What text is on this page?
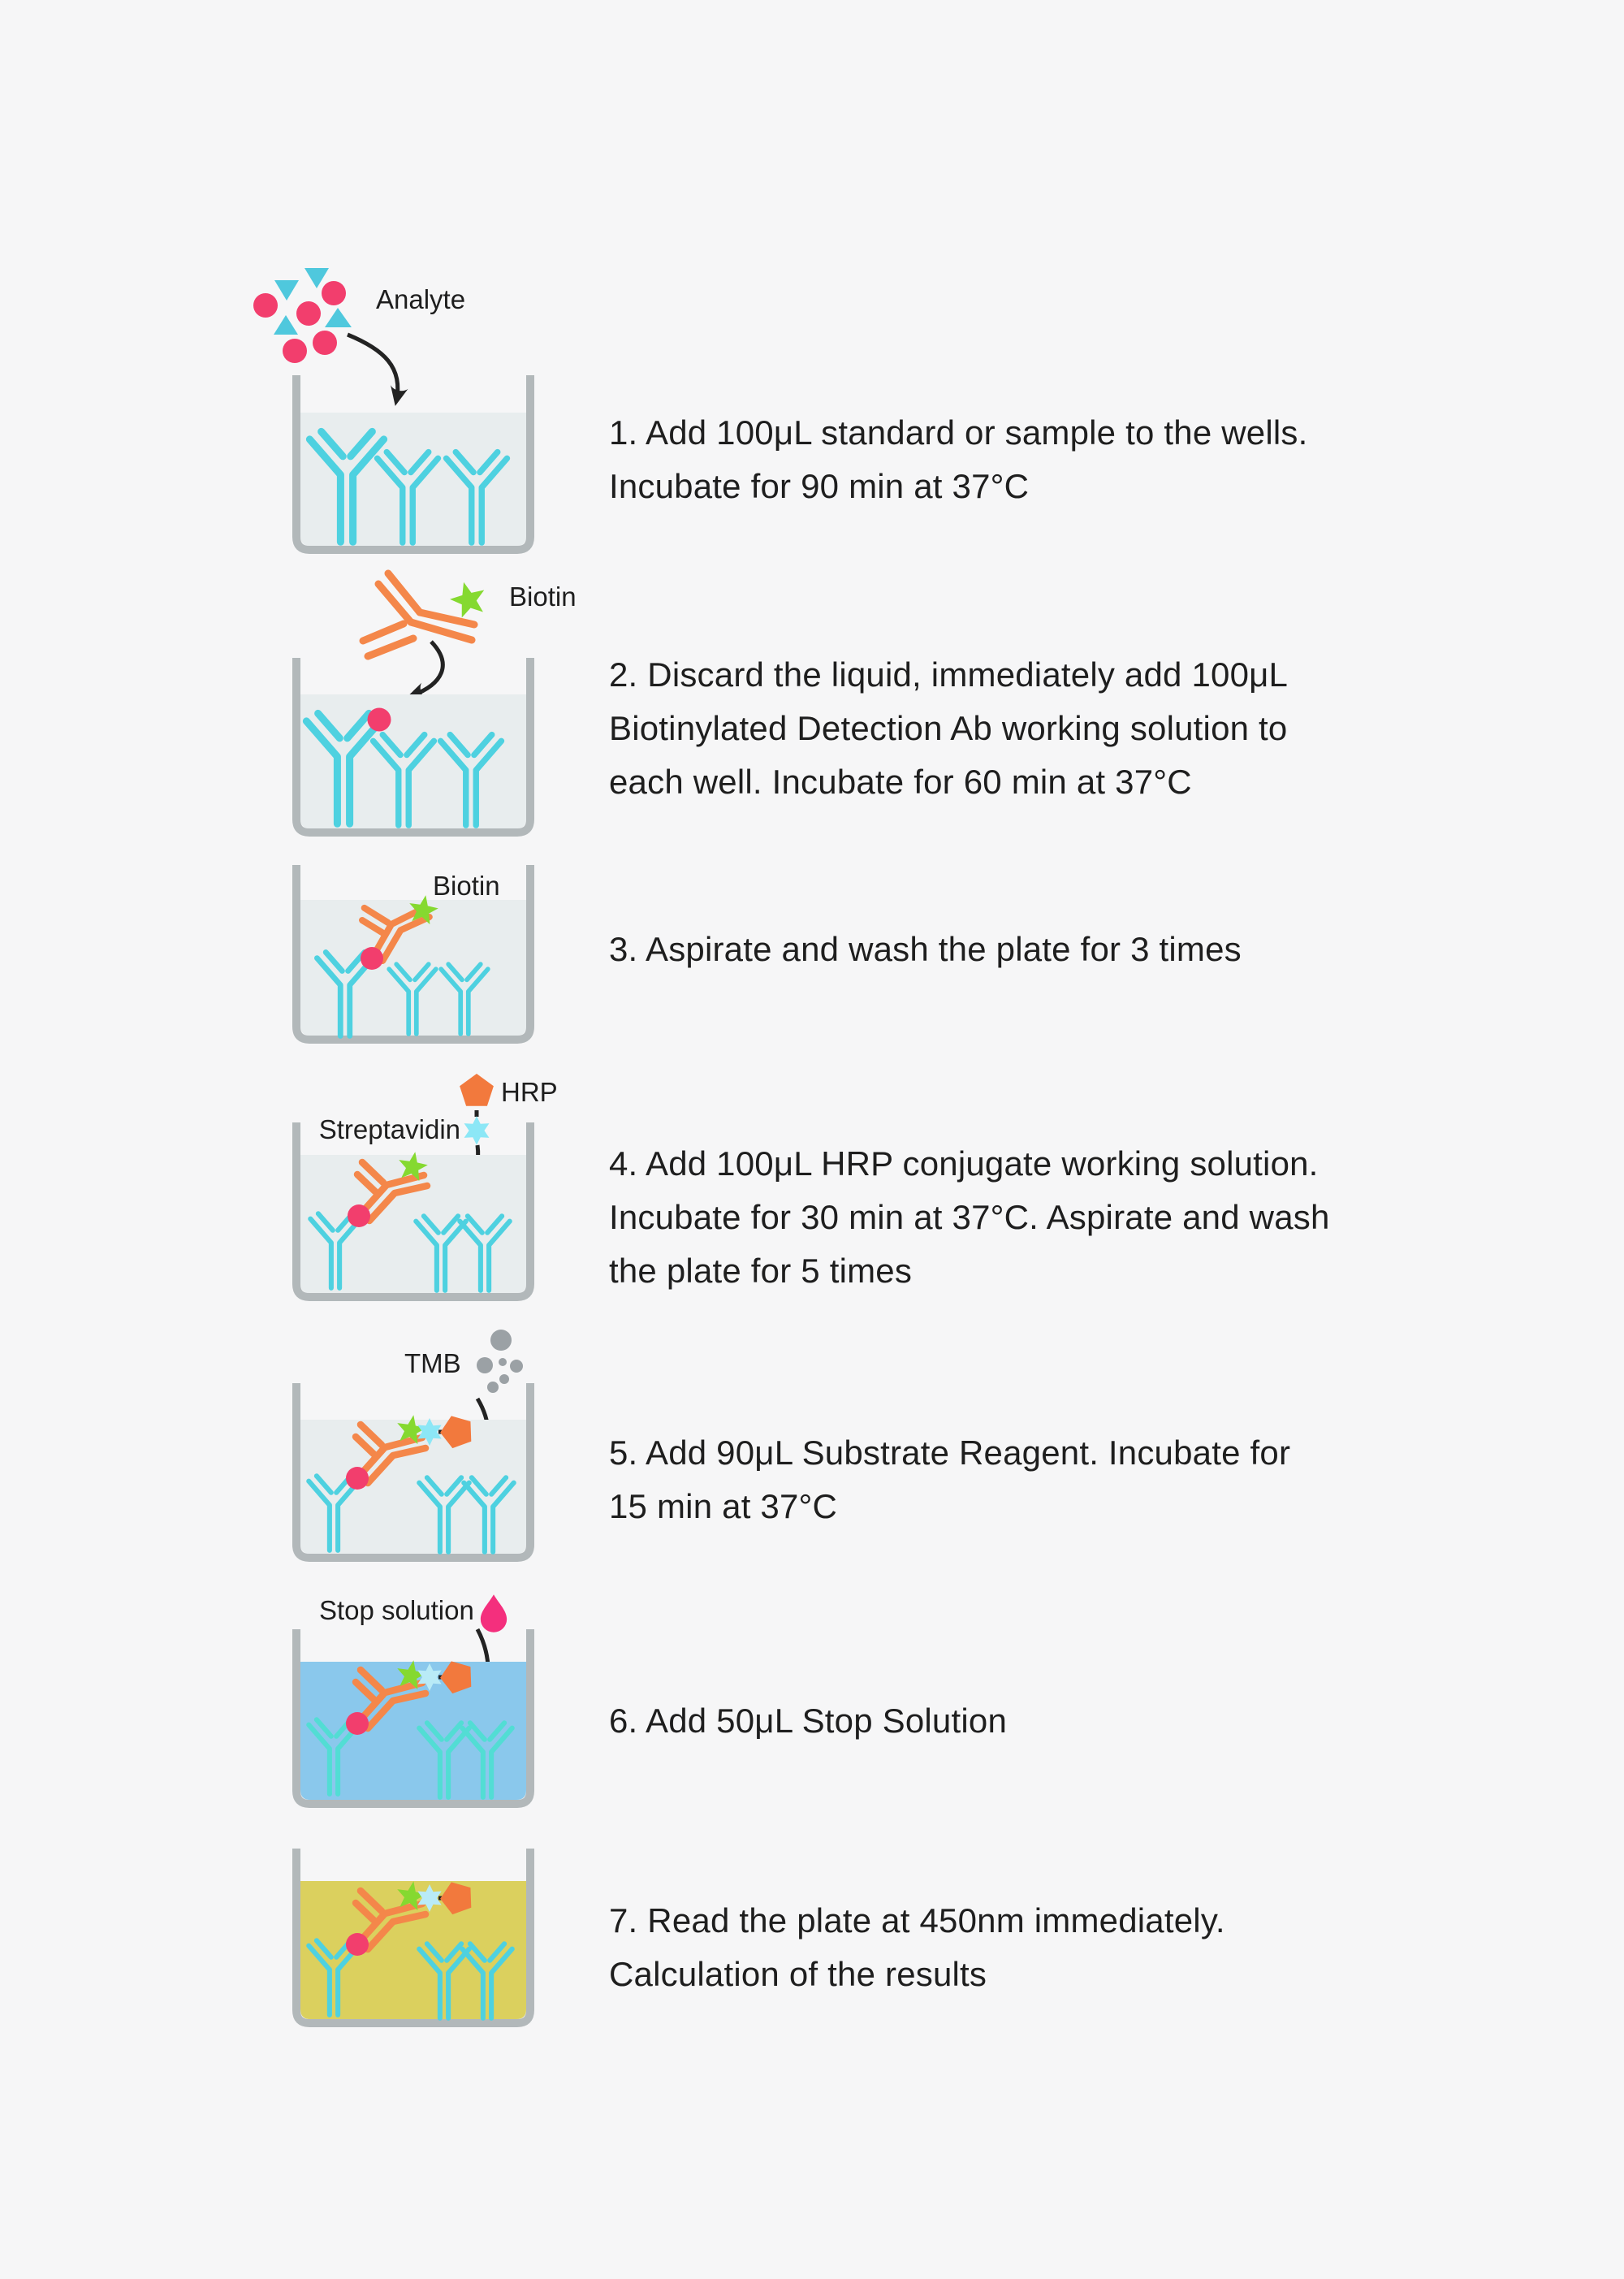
Analyte
Biotin
Biotin
Streptavidin
HRP
TMB
Stop solution
1. Add 100μL standard or sample to the wells.
Incubate for 90 min at 37°C
2. Discard the liquid, immediately add 100μL
Biotinylated Detection Ab working solution to
each well. Incubate for 60 min at 37°C
3. Aspirate and wash the plate for 3 times
4. Add 100μL HRP conjugate working solution.
Incubate for 30 min at 37°C. Aspirate and wash
the plate for 5 times
5. Add 90μL Substrate Reagent. Incubate for
15 min at 37°C
6. Add 50μL Stop Solution
7. Read the plate at 450nm immediately.
Calculation of the results
